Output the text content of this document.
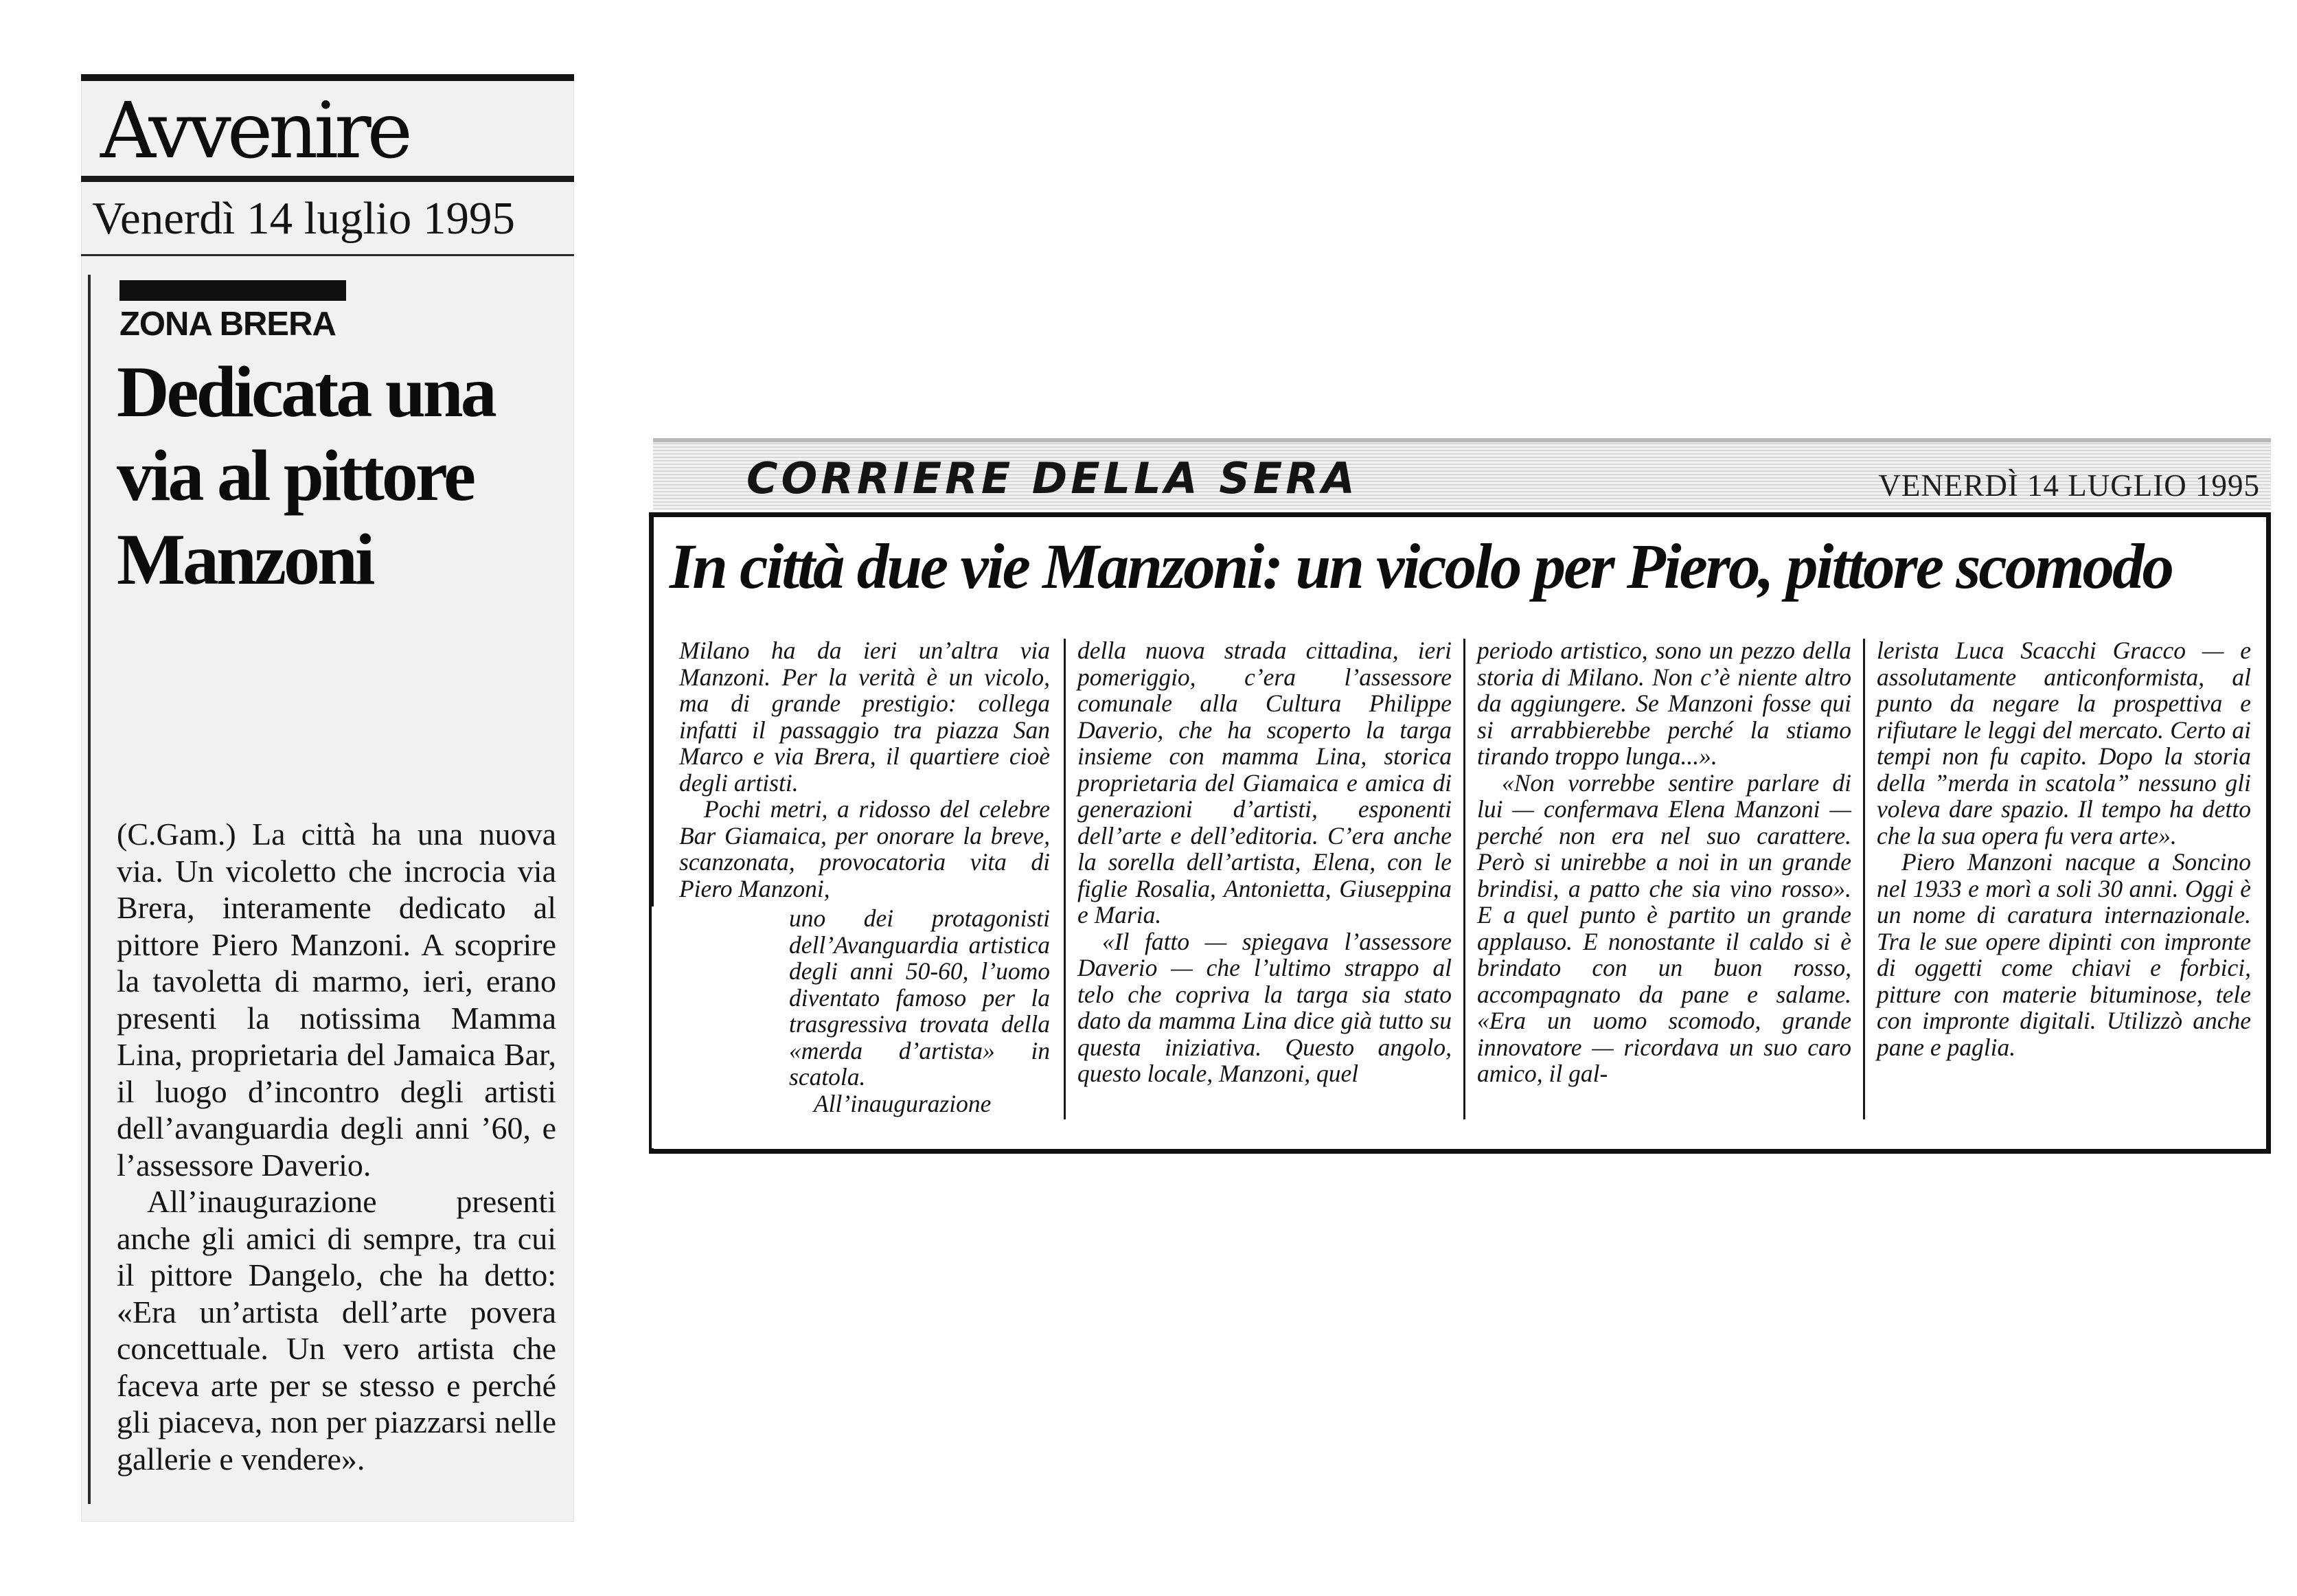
Avvenire
Venerdì 14 luglio 1995
ZONA BRERA
Dedicata una via al pittore Manzoni

(C.Gam.) La città ha una nuova via. Un vicoletto che incrocia via Brera, interamente dedicato al pittore Piero Manzoni. A scoprire la tavoletta di marmo, ieri, erano presenti la notissima Mamma Lina, proprietaria del Jamaica Bar, il luogo d’incontro degli artisti dell’avanguardia degli anni ’60, e l’assessore Daverio.

All’inaugurazione presenti anche gli amici di sempre, tra cui il pittore Dangelo, che ha detto: «Era un’artista dell’arte povera concettuale. Un vero artista che faceva arte per se stesso e perché gli piaceva, non per piazzarsi nelle gallerie e vendere».

CORRIERE DELLA SERA	VENERDÌ 14 LUGLIO 1995
In città due vie Manzoni: un vicolo per Piero, pittore scomodo

Milano ha da ieri un’altra via Manzoni. Per la verità è un vicolo, ma di grande prestigio: collega infatti il passaggio tra piazza San Marco e via Brera, il quartiere cioè degli artisti.

Pochi metri, a ridosso del celebre Bar Giamaica, per onorare la breve, scanzonata, provocatoria vita di Piero Manzoni,

uno dei protagonisti dell’Avanguardia artistica degli anni 50-60, l’uomo diventato famoso per la trasgressiva trovata della «merda d’artista» in scatola.

All’inaugurazione

della nuova strada cittadina, ieri pomeriggio, c’era l’assessore comunale alla Cultura Philippe Daverio, che ha scoperto la targa insieme con mamma Lina, storica proprietaria del Giamaica e amica di generazioni d’artisti, esponenti dell’arte e dell’editoria. C’era anche la sorella dell’artista, Elena, con le figlie Rosalia, Antonietta, Giuseppina e Maria.

«Il fatto — spiegava l’assessore Daverio — che l’ultimo strappo al telo che copriva la targa sia stato dato da mamma Lina dice già tutto su questa iniziativa. Questo angolo, questo locale, Manzoni, quel

periodo artistico, sono un pezzo della storia di Milano. Non c’è niente altro da aggiungere. Se Manzoni fosse qui si arrabbierebbe perché la stiamo tirando troppo lunga...».

«Non vorrebbe sentire parlare di lui — confermava Elena Manzoni — perché non era nel suo carattere. Però si unirebbe a noi in un grande brindisi, a patto che sia vino rosso». E a quel punto è partito un grande applauso. E nonostante il caldo si è brindato con un buon rosso, accompagnato da pane e salame. «Era un uomo scomodo, grande innovatore — ricordava un suo caro amico, il gal-

lerista Luca Scacchi Gracco — e assolutamente anticonformista, al punto da negare la prospettiva e rifiutare le leggi del mercato. Certo ai tempi non fu capito. Dopo la storia della ”merda in scatola” nessuno gli voleva dare spazio. Il tempo ha detto che la sua opera fu vera arte».

Piero Manzoni nacque a Soncino nel 1933 e morì a soli 30 anni. Oggi è un nome di caratura internazionale. Tra le sue opere dipinti con impronte di oggetti come chiavi e forbici, pitture con materie bituminose, tele con impronte digitali. Utilizzò anche pane e paglia.
